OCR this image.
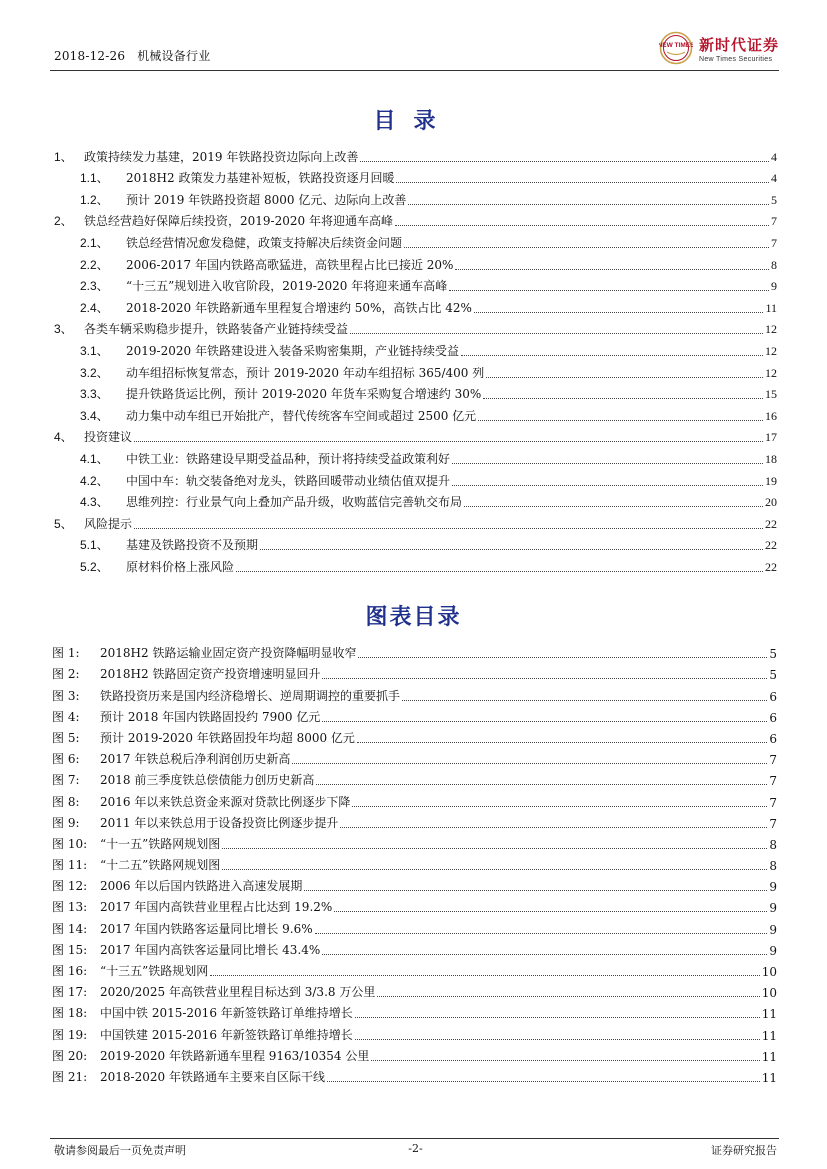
2018-12-26 机械设备行业
NEW TIMES 新时代证券
New Times Securities
目录
1、 政策持续发力基建，2019 年铁路投资边际向上改善	4
1.1、	2018H2 政策发力基建补短板，铁路投资逐月回暖	4
1.2、	预计 2019 年铁路投资超 8000 亿元、边际向上改善	5
2、 铁总经营趋好保障后续投资，2019-2020 年将迎通车高峰	7
2.1、	铁总经营情况愈发稳健，政策支持解决后续资金问题	7
2.2、	2006-2017 年国内铁路高歌猛进，高铁里程占比已接近 20%	8
2.3、	“十三五”规划进入收官阶段，2019-2020 年将迎来通车高峰	9
2.4、	2018-2020 年铁路新通车里程复合增速约 50%，高铁占比 42%	11
3、 各类车辆采购稳步提升，铁路装备产业链持续受益	12
3.1、	2019-2020 年铁路建设进入装备采购密集期，产业链持续受益	12
3.2、	动车组招标恢复常态，预计 2019-2020 年动车组招标 365/400 列	12
3.3、	提升铁路货运比例，预计 2019-2020 年货车采购复合增速约 30%	15
3.4、	动力集中动车组已开始批产，替代传统客车空间或超过 2500 亿元	16
4、 投资建议	17
4.1、	中铁工业：铁路建设早期受益品种，预计将持续受益政策利好	18
4.2、	中国中车：轨交装备绝对龙头，铁路回暖带动业绩估值双提升	19
4.3、	思维列控：行业景气向上叠加产品升级，收购蓝信完善轨交布局	20
5、 风险提示	22
5.1、	基建及铁路投资不及预期	22
5.2、	原材料价格上涨风险	22
图表目录
图 1:	2018H2 铁路运输业固定资产投资降幅明显收窄	5
图 2:	2018H2 铁路固定资产投资增速明显回升	5
图 3:	铁路投资历来是国内经济稳增长、逆周期调控的重要抓手	6
图 4:	预计 2018 年国内铁路固投约 7900 亿元	6
图 5:	预计 2019-2020 年铁路固投年均超 8000 亿元	6
图 6:	2017 年铁总税后净利润创历史新高	7
图 7:	2018 前三季度铁总偿债能力创历史新高	7
图 8:	2016 年以来铁总资金来源对贷款比例逐步下降	7
图 9:	2011 年以来铁总用于设备投资比例逐步提升	7
图 10:	“十一五”铁路网规划图	8
图 11:	“十二五”铁路网规划图	8
图 12:	2006 年以后国内铁路进入高速发展期	9
图 13:	2017 年国内高铁营业里程占比达到 19.2%	9
图 14:	2017 年国内铁路客运量同比增长 9.6%	9
图 15:	2017 年国内高铁客运量同比增长 43.4%	9
图 16:	“十三五”铁路规划网	10
图 17:	2020/2025 年高铁营业里程目标达到 3/3.8 万公里	10
图 18:	中国中铁 2015-2016 年新签铁路订单维持增长	11
图 19:	中国铁建 2015-2016 年新签铁路订单维持增长	11
图 20:	2019-2020 年铁路新通车里程 9163/10354 公里	11
图 21:	2018-2020 年铁路通车主要来自区际干线	11
敬请参阅最后一页免责声明	-2-	证券研究报告
